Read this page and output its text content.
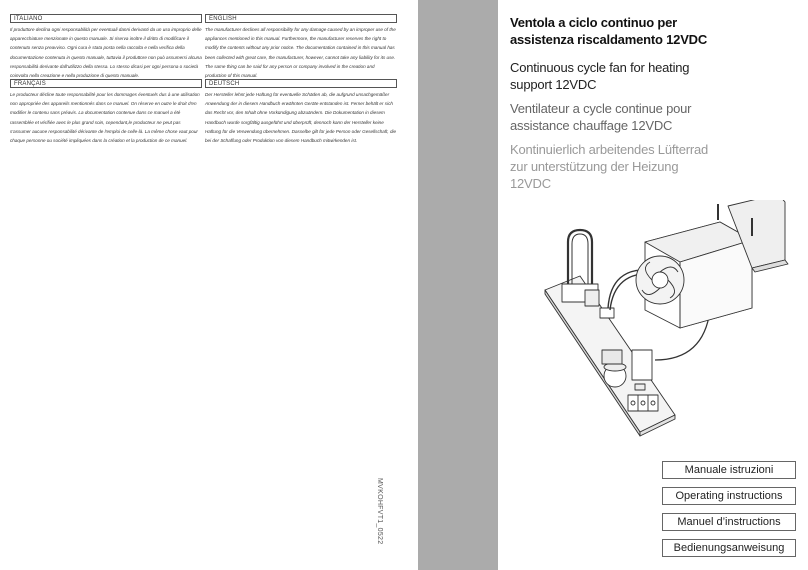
ITALIANO
Il produttore declina ogni responsabilità per eventuali danni derivanti da un uso improprio delle apparecchiature menzionate in questo manuale. Si riserva inoltre il diritto di modificare il contenuto senza preavviso. Ogni cura è stata posta nella raccolta e nella verifica della documentazione contenuta in questo manuale, tuttavia il produttore non può assumersi alcuna responsabilità derivante dall'utilizzo della stessa. Lo stesso dicasi per ogni persona o società coinvolta nella creazione e nella produzione di questo manuale.
ENGLISH
The manufacturer declines all responsibility for any damage caused by an improper use of the appliances mentioned in this manual. Furthermore, the manufacturer reserves the right to modify the contents without any prior notice. The documentation contained in this manual has been collected with great care, the manufacturer, however, cannot take any liability for its use. The same thing can be said for any person or company involved in the creation and production of this manual.
FRANÇAIS
Le producteur décline toute responsabilité pour les dommages éventuels dus à une utilisation non appropriée des appareils mentionnés dans ce manuel. On réserve en outre le droit d'en modifier le contenu sans préavis. La documentation contenue dans ce manuel a été rassemblée et vérifiée avec le plus grand soin, cependant,le producteur ne peut pas s'assumer aucune responsabilité dérivante de l'emploi de celle-là. La même chose vaut pour chaque personne ou société impliquées dans la création et la production de ce manuel.
DEUTSCH
Der Hersteller lehnt jede Haftung für eventuelle Schäden ab, die aufgrund unsachgemäßer Anwendung der in diesem Handbuch erwähnten Geräte entstanden ist. Ferner behält er sich das Recht vor, den Inhalt ohne Vorkündigung abzuändern. Die Dokumentation in diesem Handbuch wurde sorgfältig ausgeführt und überprüft, dennoch kann der Hersteller keine Haftung für die Verwendung übernehmen. Dasselbe gilt für jede Person oder Gesellschaft, die bei der Schaffung oder Produktion von diesem Handbuch mitwirkenden ist.
MVKOHFVT1_0522
Ventola a ciclo continuo per assistenza riscaldamento 12VDC
Continuous cycle fan for heating support 12VDC
Ventilateur a cycle continue pour assistance chauffage 12VDC
Kontinuierlich arbeitendes Lüfterrad zur unterstützung der Heizung 12VDC
Manuale istruzioni
Operating instructions
Manuel d’instructions
Bedienungsanweisung
